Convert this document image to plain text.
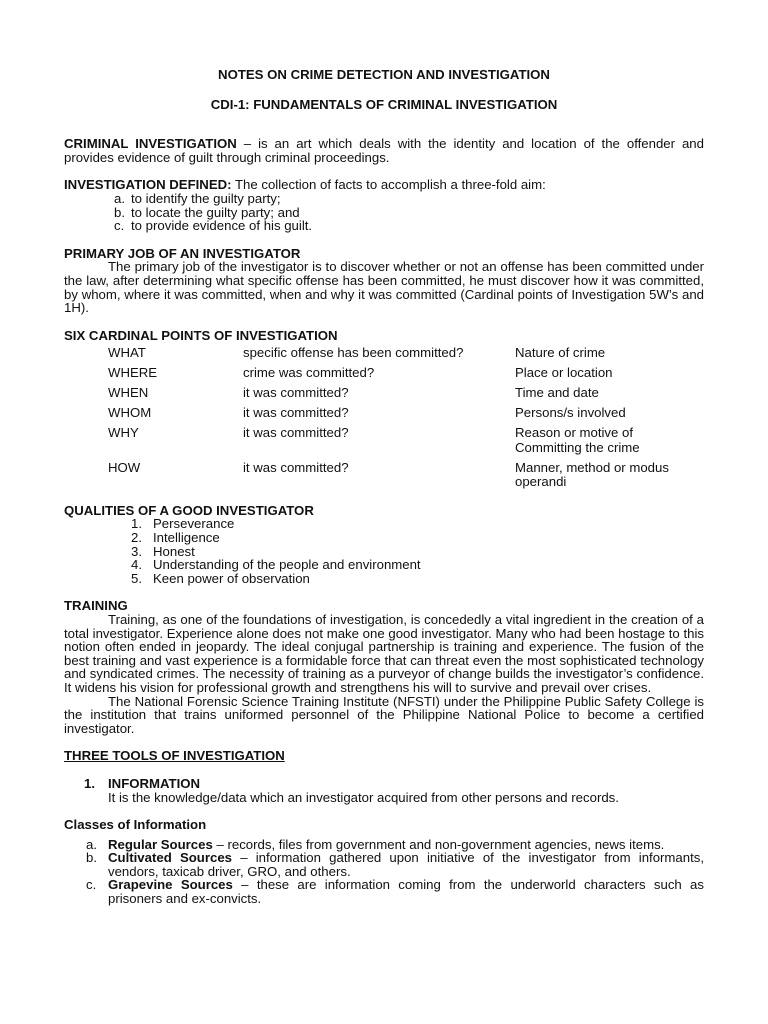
NOTES ON CRIME DETECTION AND INVESTIGATION

CDI-1: FUNDAMENTALS OF CRIMINAL INVESTIGATION

CRIMINAL INVESTIGATION – is an art which deals with the identity and location of the offender and provides evidence of guilt through criminal proceedings.

INVESTIGATION DEFINED: The collection of facts to accomplish a three-fold aim:

a. to identify the guilty party;
b. to locate the guilty party; and
c. to provide evidence of his guilt.

PRIMARY JOB OF AN INVESTIGATOR

The primary job of the investigator is to discover whether or not an offense has been committed under the law, after determining what specific offense has been committed, he must discover how it was committed, by whom, where it was committed, when and why it was committed (Cardinal points of Investigation 5W’s and 1H).

SIX CARDINAL POINTS OF INVESTIGATION

WHAT	specific offense has been committed?	Nature of crime

WHERE	crime was committed?	Place or location

WHEN	it was committed?	Time and date

WHOM	it was committed?	Persons/s involved

WHY	it was committed?	Reason or motive of
Committing the crime

HOW	it was committed?	Manner, method or modus
operandi

QUALITIES OF A GOOD INVESTIGATOR

1. Perseverance
2. Intelligence
3. Honest
4. Understanding of the people and environment
5. Keen power of observation

TRAINING

Training, as one of the foundations of investigation, is concededly a vital ingredient in the creation of a total investigator. Experience alone does not make one good investigator. Many who had been hostage to this notion often ended in jeopardy. The ideal conjugal partnership is training and experience. The fusion of the best training and vast experience is a formidable force that can threat even the most sophisticated technology and syndicated crimes. The necessity of training as a purveyor of change builds the investigator’s confidence. It widens his vision for professional growth and strengthens his will to survive and prevail over crises.

The National Forensic Science Training Institute (NFSTI) under the Philippine Public Safety College is the institution that trains uniformed personnel of the Philippine National Police to become a certified investigator.

THREE TOOLS OF INVESTIGATION

1. INFORMATION
It is the knowledge/data which an investigator acquired from other persons and records.

Classes of Information

a. Regular Sources – records, files from government and non-government agencies, news items.
b. Cultivated Sources – information gathered upon initiative of the investigator from informants, vendors, taxicab driver, GRO, and others.
c. Grapevine Sources – these are information coming from the underworld characters such as prisoners and ex-convicts.
